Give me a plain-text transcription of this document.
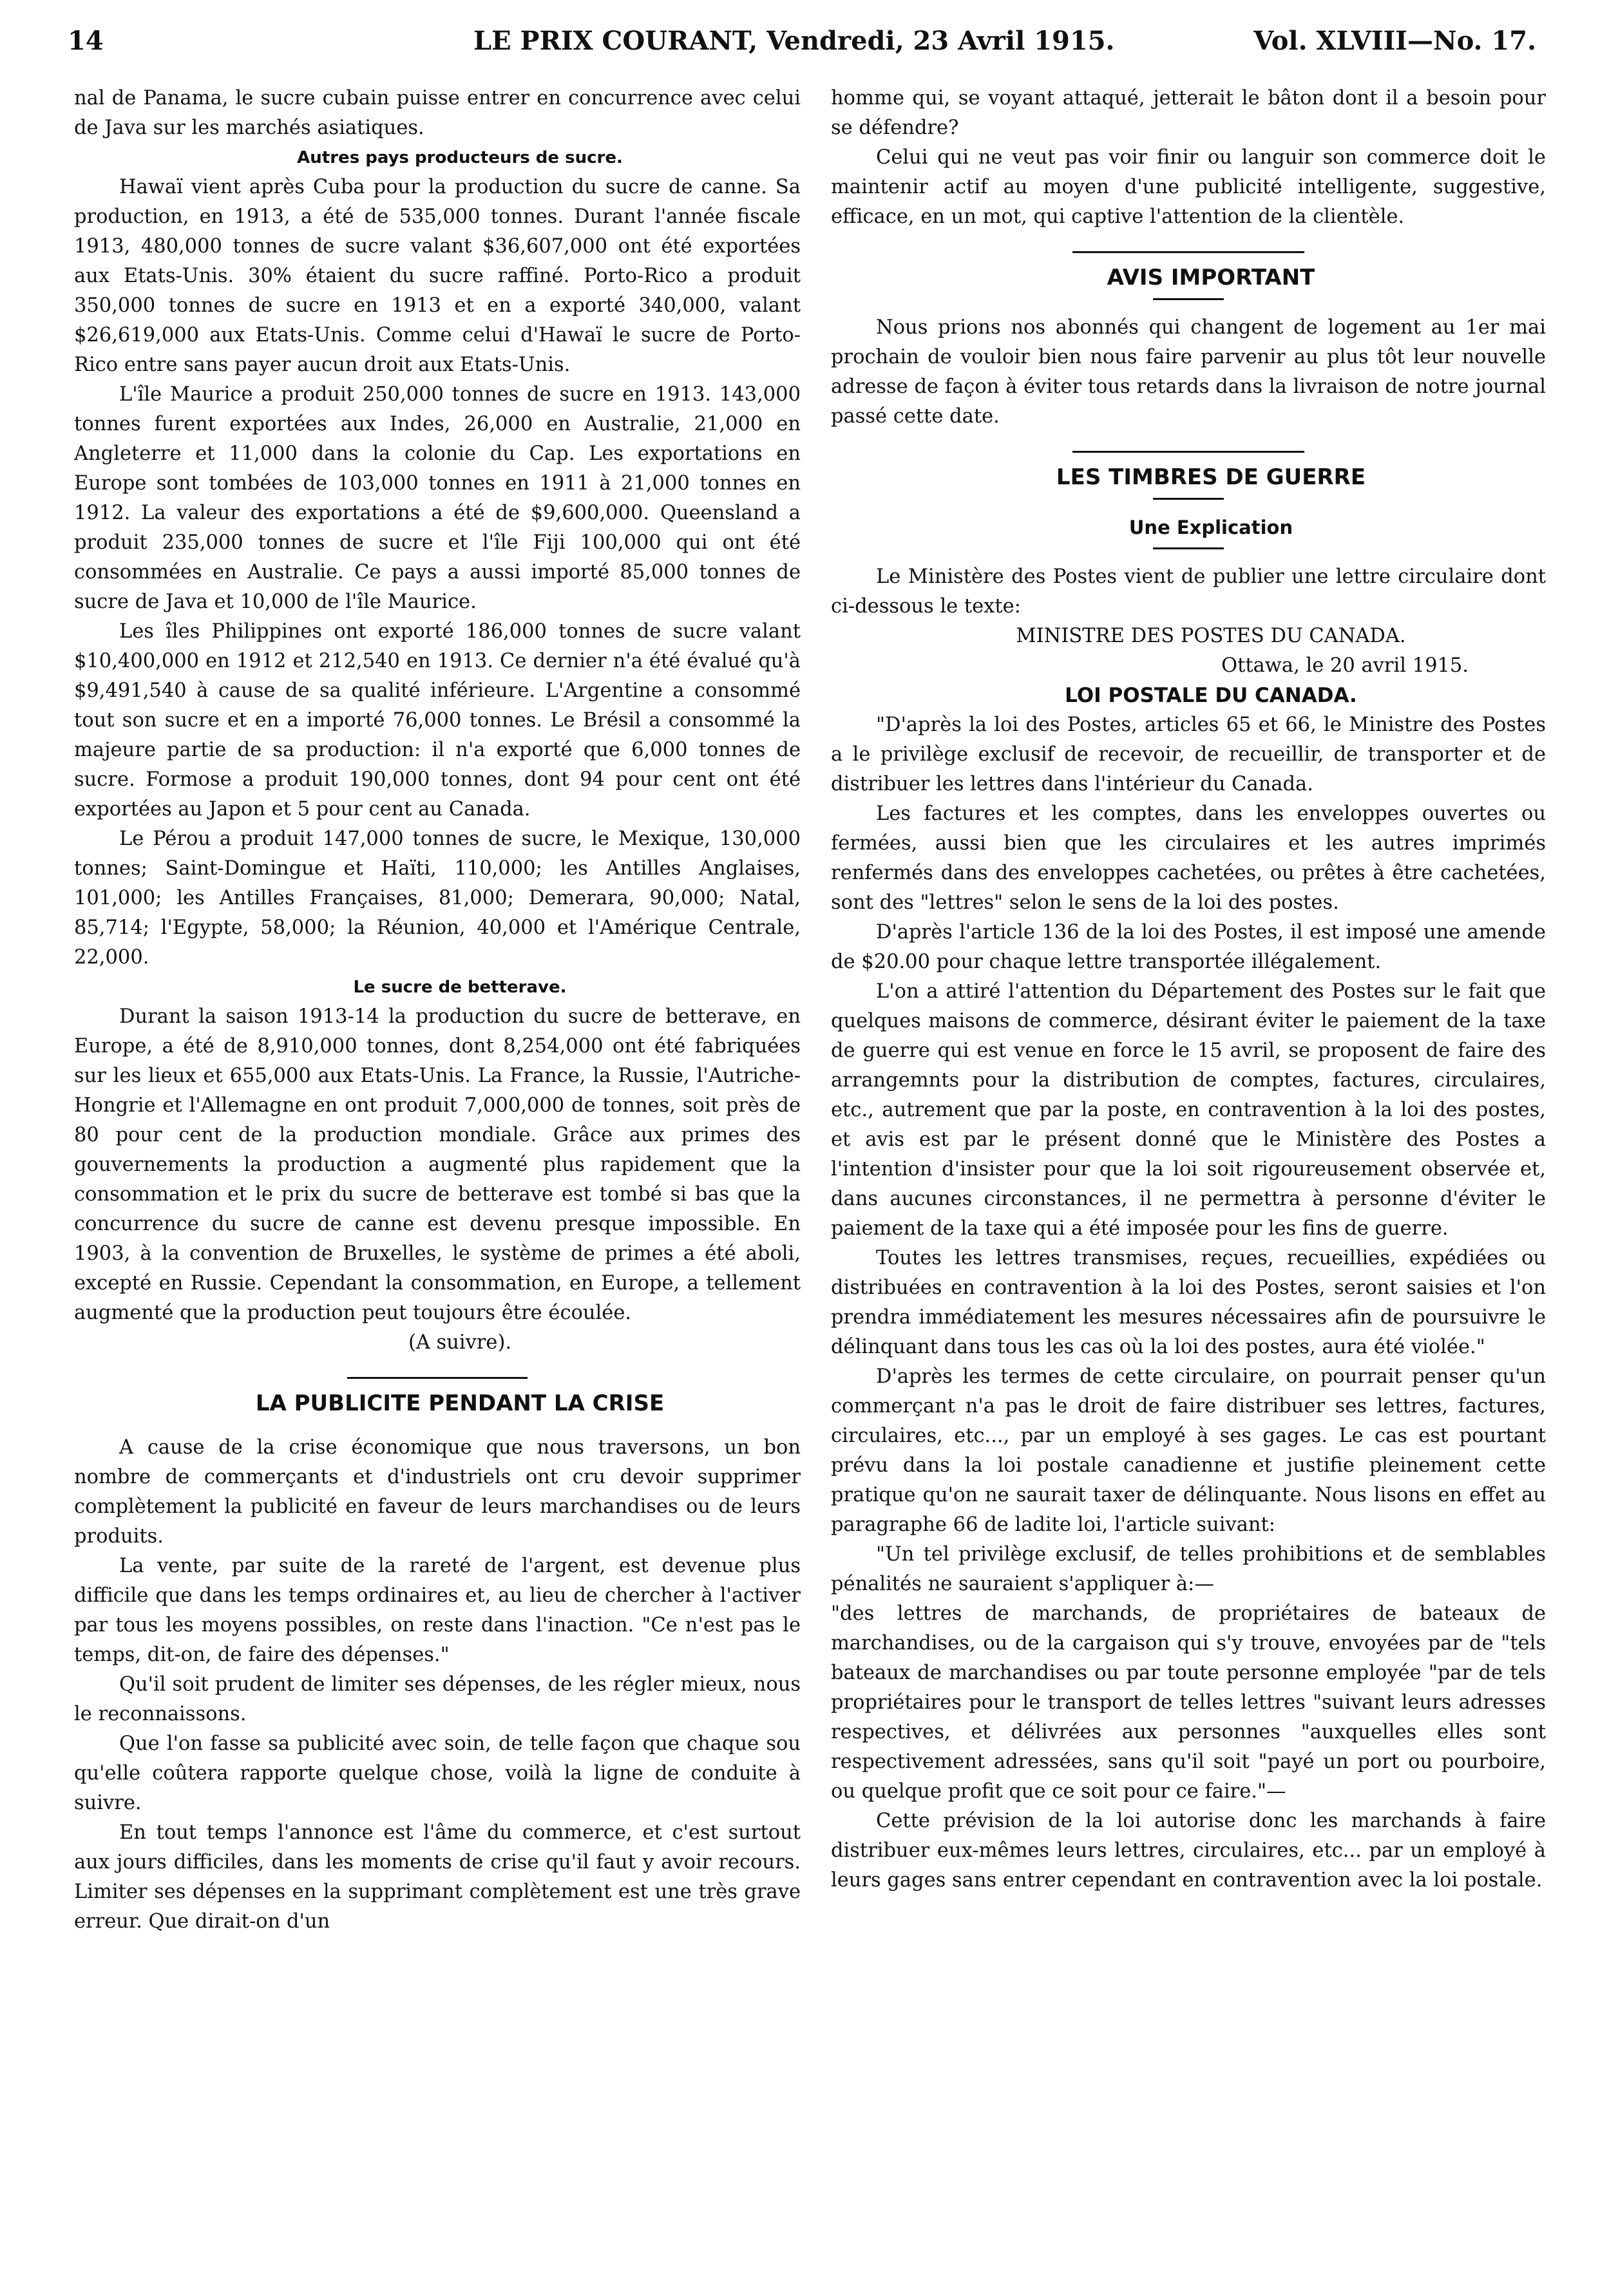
14	LE PRIX COURANT, Vendredi, 23 Avril 1915.	Vol. XLVIII—No. 17.

nal de Panama, le sucre cubain puisse entrer en concurrence avec celui de Java sur les marchés asiatiques.

Autres pays producteurs de sucre.

Hawaï vient après Cuba pour la production du sucre de canne. Sa production, en 1913, a été de 535,000 tonnes. Durant l'année fiscale 1913, 480,000 tonnes de sucre valant $36,607,000 ont été exportées aux Etats-Unis. 30% étaient du sucre raffiné. Porto-Rico a produit 350,000 tonnes de sucre en 1913 et en a exporté 340,000, valant $26,619,000 aux Etats-Unis. Comme celui d'Hawaï le sucre de Porto-Rico entre sans payer aucun droit aux Etats-Unis.

L'île Maurice a produit 250,000 tonnes de sucre en 1913. 143,000 tonnes furent exportées aux Indes, 26,000 en Australie, 21,000 en Angleterre et 11,000 dans la colonie du Cap. Les exportations en Europe sont tombées de 103,000 tonnes en 1911 à 21,000 tonnes en 1912. La valeur des exportations a été de $9,600,000. Queensland a produit 235,000 tonnes de sucre et l'île Fiji 100,000 qui ont été consommées en Australie. Ce pays a aussi importé 85,000 tonnes de sucre de Java et 10,000 de l'île Maurice.

Les îles Philippines ont exporté 186,000 tonnes de sucre valant $10,400,000 en 1912 et 212,540 en 1913. Ce dernier n'a été évalué qu'à $9,491,540 à cause de sa qualité inférieure. L'Argentine a consommé tout son sucre et en a importé 76,000 tonnes. Le Brésil a consommé la majeure partie de sa production: il n'a exporté que 6,000 tonnes de sucre. Formose a produit 190,000 tonnes, dont 94 pour cent ont été exportées au Japon et 5 pour cent au Canada.

Le Pérou a produit 147,000 tonnes de sucre, le Mexique, 130,000 tonnes; Saint-Domingue et Haïti, 110,000; les Antilles Anglaises, 101,000; les Antilles Françaises, 81,000; Demerara, 90,000; Natal, 85,714; l'Egypte, 58,000; la Réunion, 40,000 et l'Amérique Centrale, 22,000.

Le sucre de betterave.

Durant la saison 1913-14 la production du sucre de betterave, en Europe, a été de 8,910,000 tonnes, dont 8,254,000 ont été fabriquées sur les lieux et 655,000 aux Etats-Unis. La France, la Russie, l'Autriche-Hongrie et l'Allemagne en ont produit 7,000,000 de tonnes, soit près de 80 pour cent de la production mondiale. Grâce aux primes des gouvernements la production a augmenté plus rapidement que la consommation et le prix du sucre de betterave est tombé si bas que la concurrence du sucre de canne est devenu presque impossible. En 1903, à la convention de Bruxelles, le système de primes a été aboli, excepté en Russie. Cependant la consommation, en Europe, a tellement augmenté que la production peut toujours être écoulée.

(A suivre).

LA PUBLICITE PENDANT LA CRISE

A cause de la crise économique que nous traversons, un bon nombre de commerçants et d'industriels ont cru devoir supprimer complètement la publicité en faveur de leurs marchandises ou de leurs produits.

La vente, par suite de la rareté de l'argent, est devenue plus difficile que dans les temps ordinaires et, au lieu de chercher à l'activer par tous les moyens possibles, on reste dans l'inaction. "Ce n'est pas le temps, dit-on, de faire des dépenses."

Qu'il soit prudent de limiter ses dépenses, de les régler mieux, nous le reconnaissons.

Que l'on fasse sa publicité avec soin, de telle façon que chaque sou qu'elle coûtera rapporte quelque chose, voilà la ligne de conduite à suivre.

En tout temps l'annonce est l'âme du commerce, et c'est surtout aux jours difficiles, dans les moments de crise qu'il faut y avoir recours. Limiter ses dépenses en la supprimant complètement est une très grave erreur. Que dirait-on d'un

homme qui, se voyant attaqué, jetterait le bâton dont il a besoin pour se défendre?

Celui qui ne veut pas voir finir ou languir son commerce doit le maintenir actif au moyen d'une publicité intelligente, suggestive, efficace, en un mot, qui captive l'attention de la clientèle.

AVIS IMPORTANT

Nous prions nos abonnés qui changent de logement au 1er mai prochain de vouloir bien nous faire parvenir au plus tôt leur nouvelle adresse de façon à éviter tous retards dans la livraison de notre journal passé cette date.

LES TIMBRES DE GUERRE

Une Explication

Le Ministère des Postes vient de publier une lettre circulaire dont ci-dessous le texte:

MINISTRE DES POSTES DU CANADA.

Ottawa, le 20 avril 1915.

LOI POSTALE DU CANADA.

"D'après la loi des Postes, articles 65 et 66, le Ministre des Postes a le privilège exclusif de recevoir, de recueillir, de transporter et de distribuer les lettres dans l'intérieur du Canada.

Les factures et les comptes, dans les enveloppes ouvertes ou fermées, aussi bien que les circulaires et les autres imprimés renfermés dans des enveloppes cachetées, ou prêtes à être cachetées, sont des "lettres" selon le sens de la loi des postes.

D'après l'article 136 de la loi des Postes, il est imposé une amende de $20.00 pour chaque lettre transportée illégalement.

L'on a attiré l'attention du Département des Postes sur le fait que quelques maisons de commerce, désirant éviter le paiement de la taxe de guerre qui est venue en force le 15 avril, se proposent de faire des arrangemnts pour la distribution de comptes, factures, circulaires, etc., autrement que par la poste, en contravention à la loi des postes, et avis est par le présent donné que le Ministère des Postes a l'intention d'insister pour que la loi soit rigoureusement observée et, dans aucunes circonstances, il ne permettra à personne d'éviter le paiement de la taxe qui a été imposée pour les fins de guerre.

Toutes les lettres transmises, reçues, recueillies, expédiées ou distribuées en contravention à la loi des Postes, seront saisies et l'on prendra immédiatement les mesures nécessaires afin de poursuivre le délinquant dans tous les cas où la loi des postes, aura été violée."

D'après les termes de cette circulaire, on pourrait penser qu'un commerçant n'a pas le droit de faire distribuer ses lettres, factures, circulaires, etc..., par un employé à ses gages. Le cas est pourtant prévu dans la loi postale canadienne et justifie pleinement cette pratique qu'on ne saurait taxer de délinquante. Nous lisons en effet au paragraphe 66 de ladite loi, l'article suivant:

"Un tel privilège exclusif, de telles prohibitions et de semblables pénalités ne sauraient s'appliquer à:—

"des lettres de marchands, de propriétaires de bateaux de marchandises, ou de la cargaison qui s'y trouve, envoyées par de "tels bateaux de marchandises ou par toute personne employée "par de tels propriétaires pour le transport de telles lettres "suivant leurs adresses respectives, et délivrées aux personnes "auxquelles elles sont respectivement adressées, sans qu'il soit "payé un port ou pourboire, ou quelque profit que ce soit pour ce faire."—

Cette prévision de la loi autorise donc les marchands à faire distribuer eux-mêmes leurs lettres, circulaires, etc... par un employé à leurs gages sans entrer cependant en contravention avec la loi postale.
